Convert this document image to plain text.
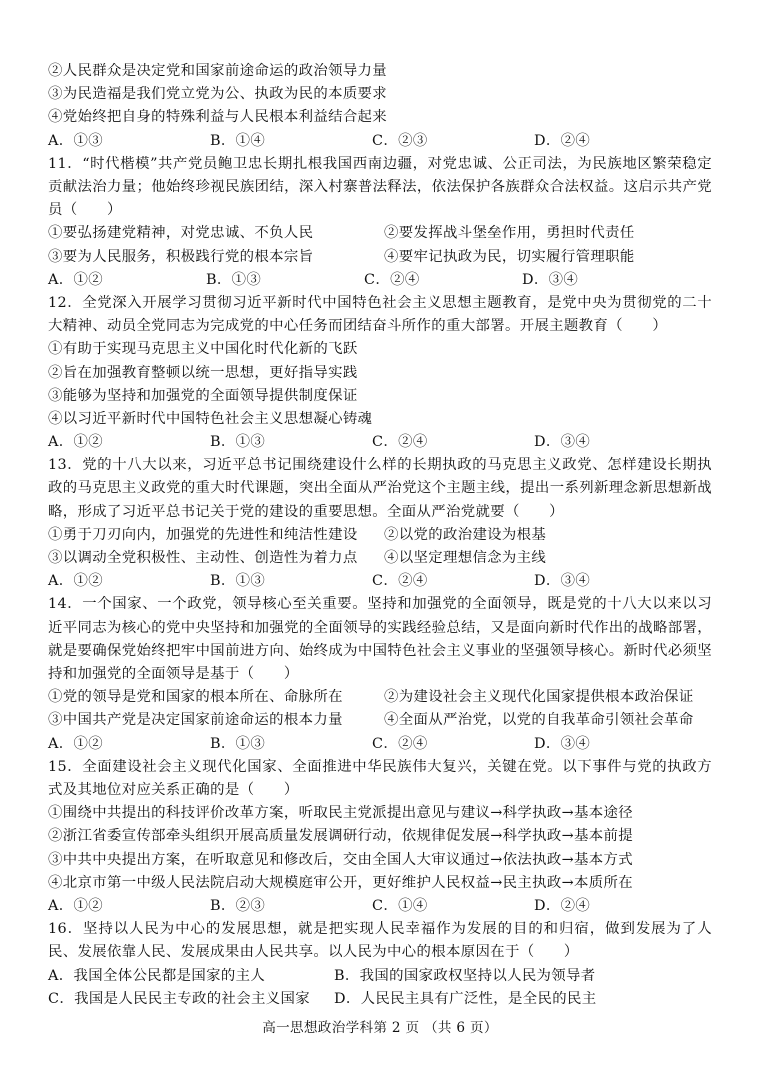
②人民群众是决定党和国家前途命运的政治领导力量
③为民造福是我们党立党为公、执政为民的本质要求
④党始终把自身的特殊利益与人民根本利益结合起来
A．①③	B．①④	C．②③	D．②④
11．“时代楷模”共产党员鲍卫忠长期扎根我国西南边疆，对党忠诚、公正司法，为民族地区繁荣稳定贡献法治力量；他始终珍视民族团结，深入村寨普法释法，依法保护各族群众合法权益。这启示共产党员（　　）
①要弘扬建党精神，对党忠诚、不负人民	②要发挥战斗堡垒作用，勇担时代责任
③要为人民服务，积极践行党的根本宗旨	④要牢记执政为民，切实履行管理职能
A．①②	B．①③	C．②④	D．③④
12．全党深入开展学习贯彻习近平新时代中国特色社会主义思想主题教育，是党中央为贯彻党的二十大精神、动员全党同志为完成党的中心任务而团结奋斗所作的重大部署。开展主题教育（　　）
①有助于实现马克思主义中国化时代化新的飞跃
②旨在加强教育整顿以统一思想，更好指导实践
③能够为坚持和加强党的全面领导提供制度保证
④以习近平新时代中国特色社会主义思想凝心铸魂
A．①②	B．①③	C．②④	D．③④
13．党的十八大以来，习近平总书记围绕建设什么样的长期执政的马克思主义政党、怎样建设长期执政的马克思主义政党的重大时代课题，突出全面从严治党这个主题主线，提出一系列新理念新思想新战略，形成了习近平总书记关于党的建设的重要思想。全面从严治党就要（　　）
①勇于刀刃向内，加强党的先进性和纯洁性建设	②以党的政治建设为根基
③以调动全党积极性、主动性、创造性为着力点	④以坚定理想信念为主线
A．①②	B．①③	C．②④	D．③④
14．一个国家、一个政党，领导核心至关重要。坚持和加强党的全面领导，既是党的十八大以来以习近平同志为核心的党中央坚持和加强党的全面领导的实践经验总结，又是面向新时代作出的战略部署，就是要确保党始终把牢中国前进方向、始终成为中国特色社会主义事业的坚强领导核心。新时代必须坚持和加强党的全面领导是基于（　　）
①党的领导是党和国家的根本所在、命脉所在	②为建设社会主义现代化国家提供根本政治保证
③中国共产党是决定国家前途命运的根本力量	④全面从严治党，以党的自我革命引领社会革命
A．①②	B．①③	C．②④	D．③④
15．全面建设社会主义现代化国家、全面推进中华民族伟大复兴，关键在党。以下事件与党的执政方式及其地位对应关系正确的是（　　）
①围绕中共提出的科技评价改革方案，听取民主党派提出意见与建议→科学执政→基本途径
②浙江省委宣传部牵头组织开展高质量发展调研行动，依规律促发展→科学执政→基本前提
③中共中央提出方案，在听取意见和修改后，交由全国人大审议通过→依法执政→基本方式
④北京市第一中级人民法院启动大规模庭审公开，更好维护人民权益→民主执政→本质所在
A．①②	B．②③	C．①④	D．②④
16．坚持以人民为中心的发展思想，就是把实现人民幸福作为发展的目的和归宿，做到发展为了人民、发展依靠人民、发展成果由人民共享。以人民为中心的根本原因在于（　　）
A．我国全体公民都是国家的主人	B．我国的国家政权坚持以人民为领导者
C．我国是人民民主专政的社会主义国家	D．人民民主具有广泛性，是全民的民主
高一思想政治学科第 2 页 （共 6 页）
